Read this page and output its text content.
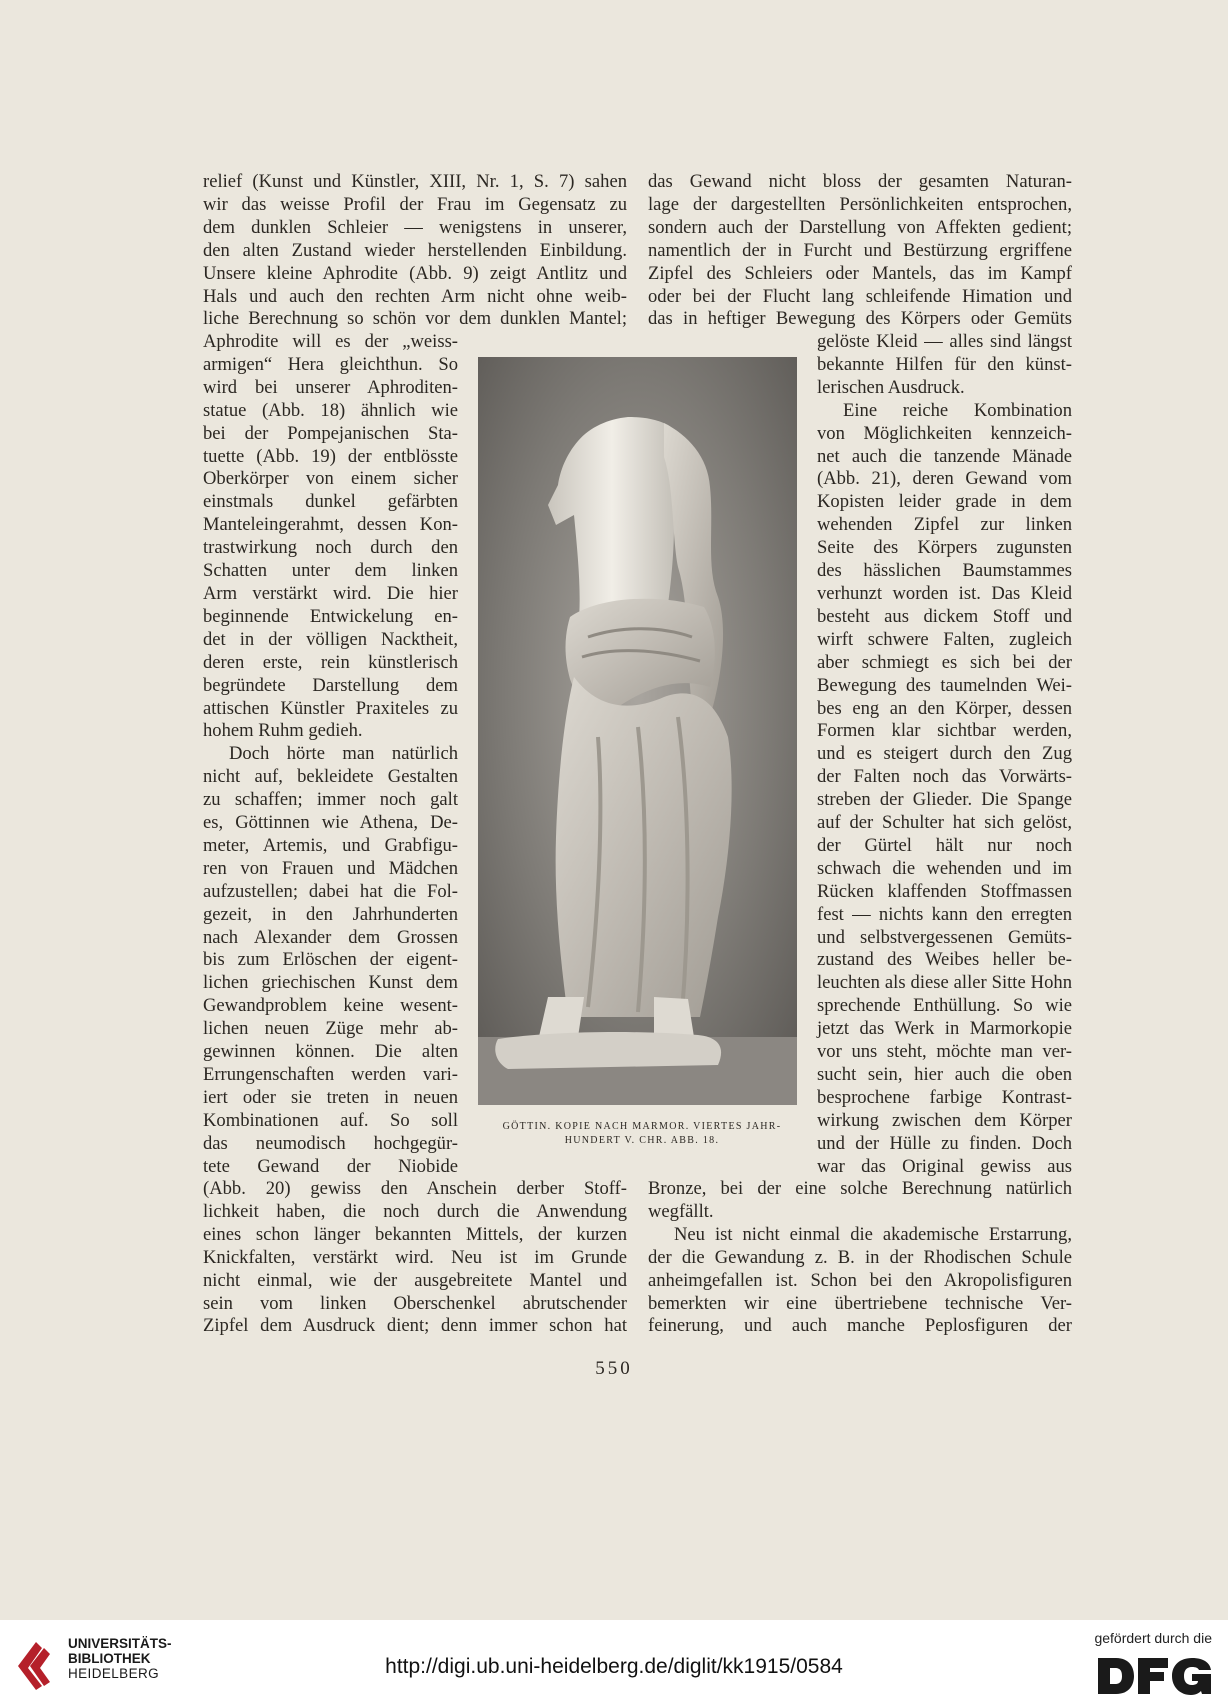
relief (Kunst und Künstler, XIII, Nr. 1, S. 7) sahen

wir das weisse Profil der Frau im Gegensatz zu

dem dunklen Schleier — wenigstens in unserer,

den alten Zustand wieder herstellenden Einbildung.

Unsere kleine Aphrodite (Abb. 9) zeigt Antlitz und

Hals und auch den rechten Arm nicht ohne weib-

liche Berechnung so schön vor dem dunklen Mantel;

Aphrodite will es der „weiss-

armigen“ Hera gleichthun. So

wird bei unserer Aphroditen-

statue (Abb. 18) ähnlich wie

bei der Pompejanischen Sta-

tuette (Abb. 19) der entblösste

Oberkörper von einem sicher

einstmals dunkel gefärbten

Manteleingerahmt, dessen Kon-

trastwirkung noch durch den

Schatten unter dem linken

Arm verstärkt wird. Die hier

beginnende Entwickelung en-

det in der völligen Nacktheit,

deren erste, rein künstlerisch

begründete Darstellung dem

attischen Künstler Praxiteles zu

hohem Ruhm gedieh.

Doch hörte man natürlich

nicht auf, bekleidete Gestalten

zu schaffen; immer noch galt

es, Göttinnen wie Athena, De-

meter, Artemis, und Grabfigu-

ren von Frauen und Mädchen

aufzustellen; dabei hat die Fol-

gezeit, in den Jahrhunderten

nach Alexander dem Grossen

bis zum Erlöschen der eigent-

lichen griechischen Kunst dem

Gewandproblem keine wesent-

lichen neuen Züge mehr ab-

gewinnen können. Die alten

Errungenschaften werden vari-

iert oder sie treten in neuen

Kombinationen auf. So soll

das neumodisch hochgegür-

tete Gewand der Niobide

(Abb. 20) gewiss den Anschein derber Stoff-

lichkeit haben, die noch durch die Anwendung

eines schon länger bekannten Mittels, der kurzen

Knickfalten, verstärkt wird. Neu ist im Grunde

nicht einmal, wie der ausgebreitete Mantel und

sein vom linken Oberschenkel abrutschender

Zipfel dem Ausdruck dient; denn immer schon hat

das Gewand nicht bloss der gesamten Naturan-

lage der dargestellten Persönlichkeiten entsprochen,

sondern auch der Darstellung von Affekten gedient;

namentlich der in Furcht und Bestürzung ergriffene

Zipfel des Schleiers oder Mantels, das im Kampf

oder bei der Flucht lang schleifende Himation und

das in heftiger Bewegung des Körpers oder Gemüts

gelöste Kleid — alles sind längst

bekannte Hilfen für den künst-

lerischen Ausdruck.

Eine reiche Kombination

von Möglichkeiten kennzeich-

net auch die tanzende Mänade

(Abb. 21), deren Gewand vom

Kopisten leider grade in dem

wehenden Zipfel zur linken

Seite des Körpers zugunsten

des hässlichen Baumstammes

verhunzt worden ist. Das Kleid

besteht aus dickem Stoff und

wirft schwere Falten, zugleich

aber schmiegt es sich bei der

Bewegung des taumelnden Wei-

bes eng an den Körper, dessen

Formen klar sichtbar werden,

und es steigert durch den Zug

der Falten noch das Vorwärts-

streben der Glieder. Die Spange

auf der Schulter hat sich gelöst,

der Gürtel hält nur noch

schwach die wehenden und im

Rücken klaffenden Stoffmassen

fest — nichts kann den erregten

und selbstvergessenen Gemüts-

zustand des Weibes heller be-

leuchten als diese aller Sitte Hohn

sprechende Enthüllung. So wie

jetzt das Werk in Marmorkopie

vor uns steht, möchte man ver-

sucht sein, hier auch die oben

besprochene farbige Kontrast-

wirkung zwischen dem Körper

und der Hülle zu finden. Doch

war das Original gewiss aus

Bronze, bei der eine solche Berechnung natürlich

wegfällt.

Neu ist nicht einmal die akademische Erstarrung,

der die Gewandung z. B. in der Rhodischen Schule

anheimgefallen ist. Schon bei den Akropolisfiguren

bemerkten wir eine übertriebene technische Ver-

feinerung, und auch manche Peplosfiguren der

GÖTTIN. KOPIE NACH MARMOR. VIERTES JAHR-
HUNDERT V. CHR. ABB. 18.
550
UNIVERSITÄTS-
BIBLIOTHEK
HEIDELBERG	http://digi.ub.uni-heidelberg.de/diglit/kk1915/0584
gefördert durch die
